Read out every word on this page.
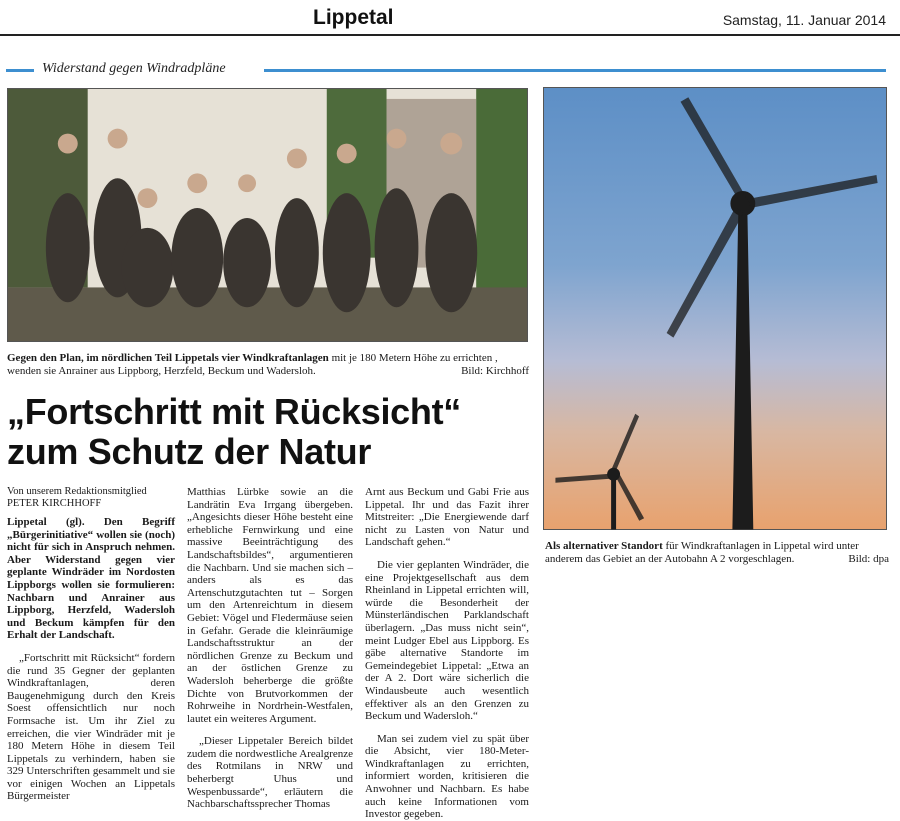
Lippetal	Samstag, 11. Januar 2014
Widerstand gegen Windradpläne
Gegen den Plan, im nördlichen Teil Lippetals vier Windkraftanlagen mit je 180 Metern Höhe zu errichten , wenden sie Anrainer aus Lippborg, Herzfeld, Beckum und Wadersloh.	Bild: Kirchhoff
„Fortschritt mit Rücksicht“
zum Schutz der Natur
Von unserem Redaktionsmitglied
PETER KIRCHHOFF

Lippetal (gl). Den Begriff „Bürgerinitiative“ wollen sie (noch) nicht für sich in Anspruch nehmen. Aber Widerstand gegen vier geplante Windräder im Nordosten Lippborgs wollen sie formulieren: Nachbarn und Anrainer aus Lippborg, Herzfeld, Wadersloh und Beckum kämpfen für den Erhalt der Landschaft.

„Fortschritt mit Rücksicht“ fordern die rund 35 Gegner der geplanten Windkraftanlagen, deren Baugenehmigung durch den Kreis Soest offensichtlich nur noch Formsache ist. Um ihr Ziel zu erreichen, die vier Windräder mit je 180 Metern Höhe in diesem Teil Lippetals zu verhindern, haben sie 329 Unterschriften gesammelt und sie vor einigen Wochen an Lippetals Bürgermeister

Matthias Lürbke sowie an die Landrätin Eva Irrgang übergeben. „Angesichts dieser Höhe besteht eine erhebliche Fernwirkung und eine massive Beeinträchtigung des Landschaftsbildes“, argumentieren die Nachbarn. Und sie machen sich – anders als es das Artenschutzgutachten tut – Sorgen um den Artenreichtum in diesem Gebiet: Vögel und Fledermäuse seien in Gefahr. Gerade die kleinräumige Landschaftsstruktur an der nördlichen Grenze zu Beckum und an der östlichen Grenze zu Wadersloh beherberge die größte Dichte von Brutvorkommen der Rohrweihe in Nordrhein-Westfalen, lautet ein weiteres Argument.

„Dieser Lippetaler Bereich bildet zudem die nordwestliche Arealgrenze des Rotmilans in NRW und beherbergt Uhus und Wespenbussarde“, erläutern die Nachbarschaftssprecher Thomas

Arnt aus Beckum und Gabi Frie aus Lippetal. Ihr und das Fazit ihrer Mitstreiter: „Die Energiewende darf nicht zu Lasten von Natur und Landschaft gehen.“

Die vier geplanten Windräder, die eine Projektgesellschaft aus dem Rheinland in Lippetal errichten will, würde die Besonderheit der Münsterländischen Parklandschaft überlagern. „Das muss nicht sein“, meint Ludger Ebel aus Lippborg. Es gäbe alternative Standorte im Gemeindegebiet Lippetal: „Etwa an der A 2. Dort wäre sicherlich die Windausbeute auch wesentlich effektiver als an den Grenzen zu Beckum und Wadersloh.“

Man sei zudem viel zu spät über die Absicht, vier 180-Meter-Windkraftanlagen zu errichten, informiert worden, kritisieren die Anwohner und Nachbarn. Es habe auch keine Informationen vom Investor gegeben.

Als alternativer Standort für Windkraftanlagen in Lippetal wird unter anderem das Gebiet an der Autobahn A 2 vorgeschlagen.	Bild: dpa
